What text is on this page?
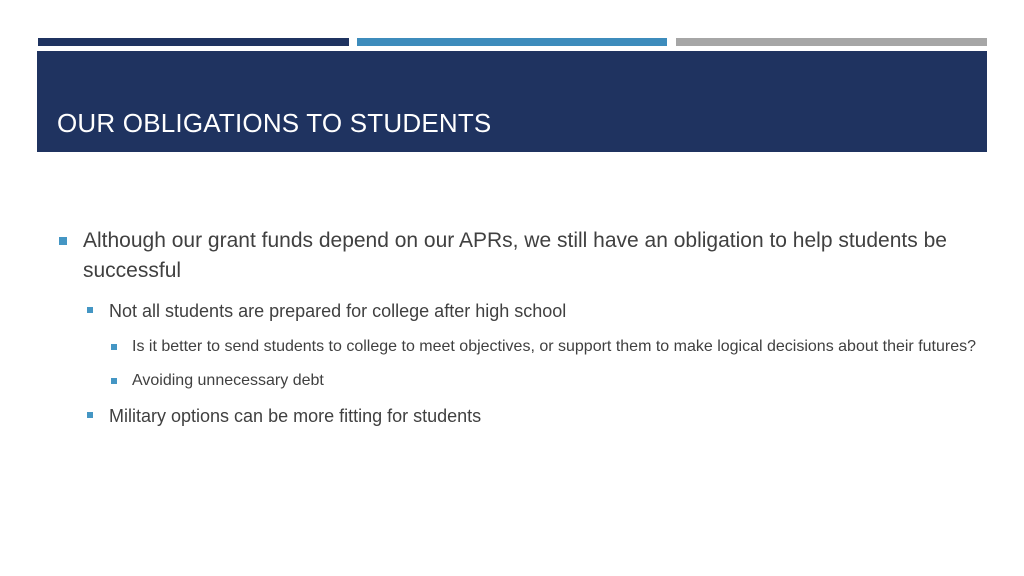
OUR OBLIGATIONS TO STUDENTS
Although our grant funds depend on our APRs, we still have an obligation to help students be successful
Not all students are prepared for college after high school
Is it better to send students to college to meet objectives, or support them to make logical decisions about their futures?
Avoiding unnecessary debt
Military options can be more fitting for students
